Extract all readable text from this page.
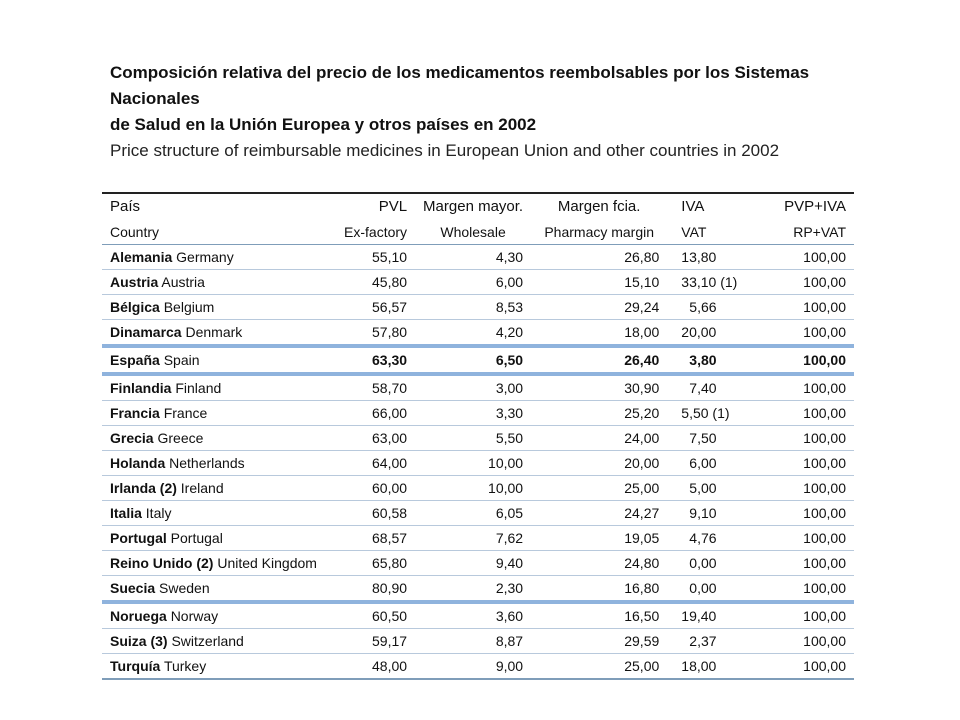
Composición relativa del precio de los medicamentos reembolsables por los Sistemas Nacionales
de Salud en la Unión Europea y otros países en 2002
Price structure of reimbursable medicines in European Union and other countries in 2002
País	PVL	Margen mayor.	Margen fcia.	IVA	PVP+IVA
Country	Ex-factory	Wholesale	Pharmacy margin	VAT	RP+VAT
Alemania Germany	55,10	4,30	26,80	13,80	100,00
Austria Austria	45,80	6,00	15,10	33,10 (1)	100,00
Bélgica Belgium	56,57	8,53	29,24	5,66	100,00
Dinamarca Denmark	57,80	4,20	18,00	20,00	100,00
España Spain	63,30	6,50	26,40	3,80	100,00
Finlandia Finland	58,70	3,00	30,90	7,40	100,00
Francia France	66,00	3,30	25,20	5,50 (1)	100,00
Grecia Greece	63,00	5,50	24,00	7,50	100,00
Holanda Netherlands	64,00	10,00	20,00	6,00	100,00
Irlanda (2) Ireland	60,00	10,00	25,00	5,00	100,00
Italia Italy	60,58	6,05	24,27	9,10	100,00
Portugal Portugal	68,57	7,62	19,05	4,76	100,00
Reino Unido (2) United Kingdom	65,80	9,40	24,80	0,00	100,00
Suecia Sweden	80,90	2,30	16,80	0,00	100,00
Noruega Norway	60,50	3,60	16,50	19,40	100,00
Suiza (3) Switzerland	59,17	8,87	29,59	2,37	100,00
Turquía Turkey	48,00	9,00	25,00	18,00	100,00
